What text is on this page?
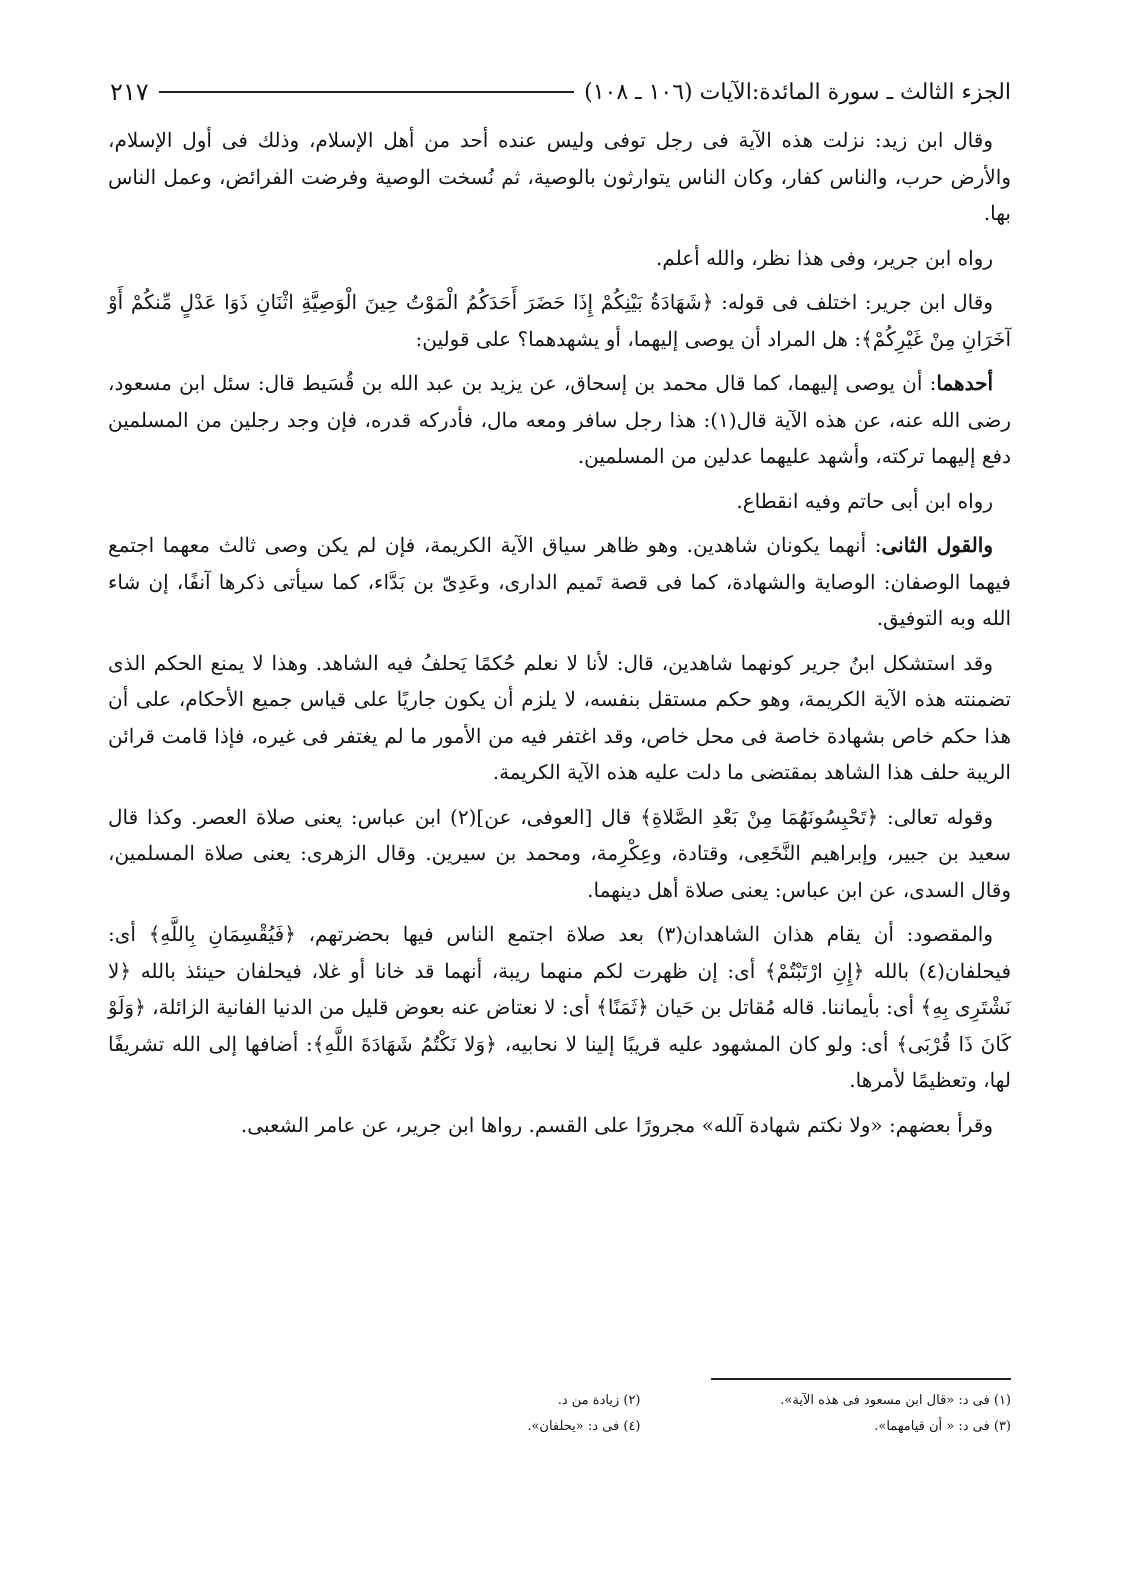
الجزء الثالث ـ سورة المائدة:الآيات (١٠٦ ـ ١٠٨)
٢١٧

وقال ابن زيد: نزلت هذه الآية فى رجل توفى وليس عنده أحد من أهل الإسلام، وذلك فى أول الإسلام، والأرض حرب، والناس كفار، وكان الناس يتوارثون بالوصية، ثم نُسخت الوصية وفرضت الفرائض، وعمل الناس بها.

رواه ابن جرير، وفى هذا نظر، والله أعلم.

وقال ابن جرير: اختلف فى قوله: ﴿شَهَادَةُ بَيْنِكُمْ إِذَا حَضَرَ أَحَدَكُمُ الْمَوْتُ حِينَ الْوَصِيَّةِ اثْنَانِ ذَوَا عَدْلٍ مِّنكُمْ أَوْ آخَرَانِ مِنْ غَيْرِكُمْ﴾: هل المراد أن يوصى إليهما، أو يشهدهما؟ على قولين:

أحدهما: أن يوصى إليهما، كما قال محمد بن إسحاق، عن يزيد بن عبد الله بن قُسَيط قال: سئل ابن مسعود، رضى الله عنه، عن هذه الآية قال(١): هذا رجل سافر ومعه مال، فأدركه قدره، فإن وجد رجلين من المسلمين دفع إليهما تركته، وأشهد عليهما عدلين من المسلمين.

رواه ابن أبى حاتم وفيه انقطاع.

والقول الثانى: أنهما يكونان شاهدين. وهو ظاهر سياق الآية الكريمة، فإن لم يكن وصى ثالث معهما اجتمع فيهما الوصفان: الوصاية والشهادة، كما فى قصة تَميم الدارى، وعَدِىّ بن بَدَّاء، كما سيأتى ذكرها آنفًا، إن شاء الله وبه التوفيق.

وقد استشكل ابنُ جرير كونهما شاهدين، قال: لأنا لا نعلم حُكمًا يَحلفُ فيه الشاهد. وهذا لا يمنع الحكم الذى تضمنته هذه الآية الكريمة، وهو حكم مستقل بنفسه، لا يلزم أن يكون جاريًا على قياس جميع الأحكام، على أن هذا حكم خاص بشهادة خاصة فى محل خاص، وقد اغتفر فيه من الأمور ما لم يغتفر فى غيره، فإذا قامت قرائن الريبة حلف هذا الشاهد بمقتضى ما دلت عليه هذه الآية الكريمة.

وقوله تعالى: ﴿تَحْبِسُونَهُمَا مِنْ بَعْدِ الصَّلاةِ﴾ قال [العوفى، عن](٢) ابن عباس: يعنى صلاة العصر. وكذا قال سعيد بن جبير، وإبراهيم النَّخَعِى، وقتادة، وعِكْرِمة، ومحمد بن سيرين. وقال الزهرى: يعنى صلاة المسلمين، وقال السدى، عن ابن عباس: يعنى صلاة أهل دينهما.

والمقصود: أن يقام هذان الشاهدان(٣) بعد صلاة اجتمع الناس فيها بحضرتهم، ﴿فَيُقْسِمَانِ بِاللَّهِ﴾ أى: فيحلفان(٤) بالله ﴿إِنِ ارْتَبْتُمْ﴾ أى: إن ظهرت لكم منهما ريبة، أنهما قد خانا أو غلا، فيحلفان حينئذ بالله ﴿لا نَشْتَرِى بِهِ﴾ أى: بأيماننا. قاله مُقاتل بن حَيان ﴿ثَمَنًا﴾ أى: لا نعتاض عنه بعوض قليل من الدنيا الفانية الزائلة، ﴿وَلَوْ كَانَ ذَا قُرْبَى﴾ أى: ولو كان المشهود عليه قريبًا إلينا لا نحابيه، ﴿وَلا نَكْتُمُ شَهَادَةَ اللَّهِ﴾: أضافها إلى الله تشريفًا لها، وتعظيمًا لأمرها.

وقرأ بعضهم: «ولا نكتم شهادة آلله» مجرورًا على القسم. رواها ابن جرير، عن عامر الشعبى.

(١) فى د: «قال ابن مسعود فى هذه الآية».
(٢) زيادة من د.
(٣) فى د: « أن قيامهما».
(٤) فى د: «يحلفان».
